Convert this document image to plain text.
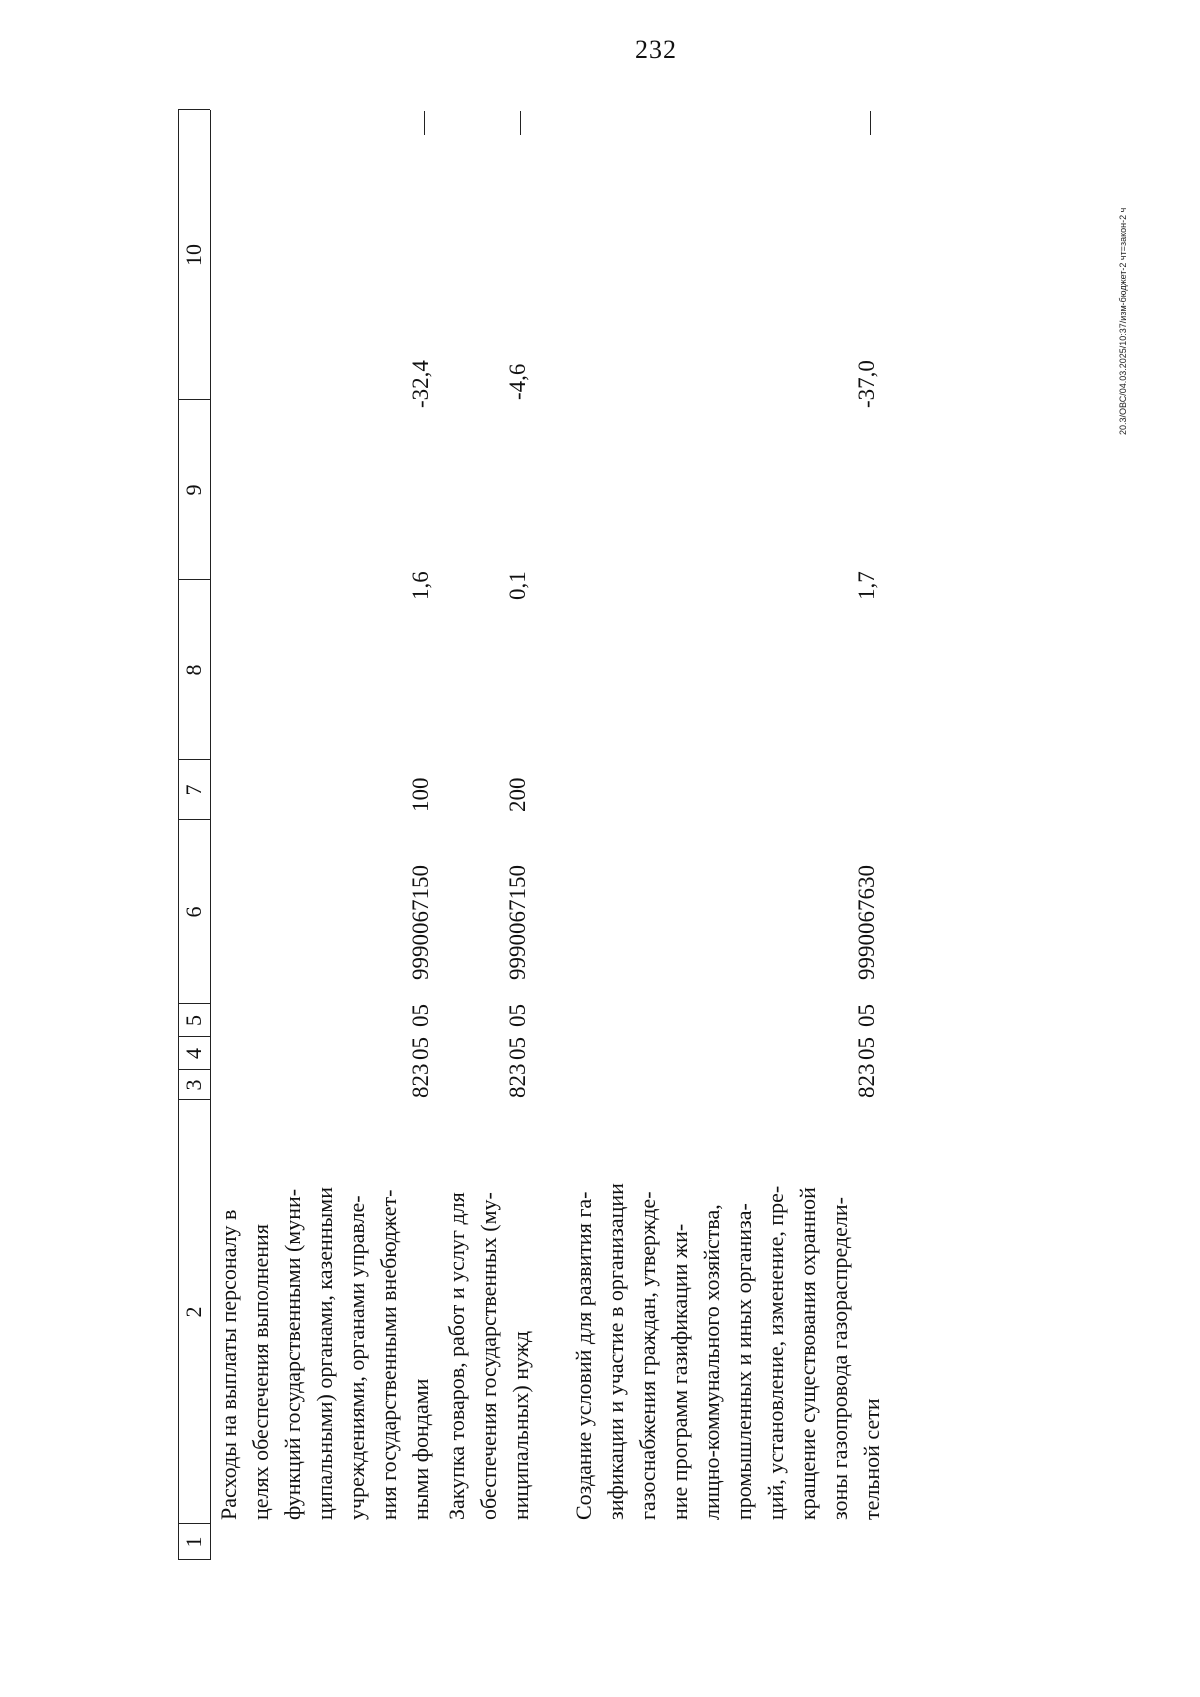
232
20.3/ОВС/04.03.2025/10:37/изм-бюджет-2 чт=закон-2 ч
1
2
3
4
5
6
7
8
9
10
Расходы на выплаты персоналу в целях обеспечения выполнения функций государственными (муни- ципальными) органами, казенными учреждениями, органами управле- ния государственными внебюджет- ными фондами
823
05
05
9990067150
100
1,6
-32,4
Закупка товаров, работ и услуг для обеспечения государственных (му- ниципальных) нужд
823
05
05
9990067150
200
0,1
-4,6
Создание условий для развития га- зификации и участие в организации газоснабжения граждан, утвержде- ние программ газификации жи- лищно-коммунального хозяйства, промышленных и иных организа- ций, установление, изменение, пре- кращение существования охранной зоны газопровода газораспредели- тельной сети
823
05
05
9990067630
1,7
-37,0
